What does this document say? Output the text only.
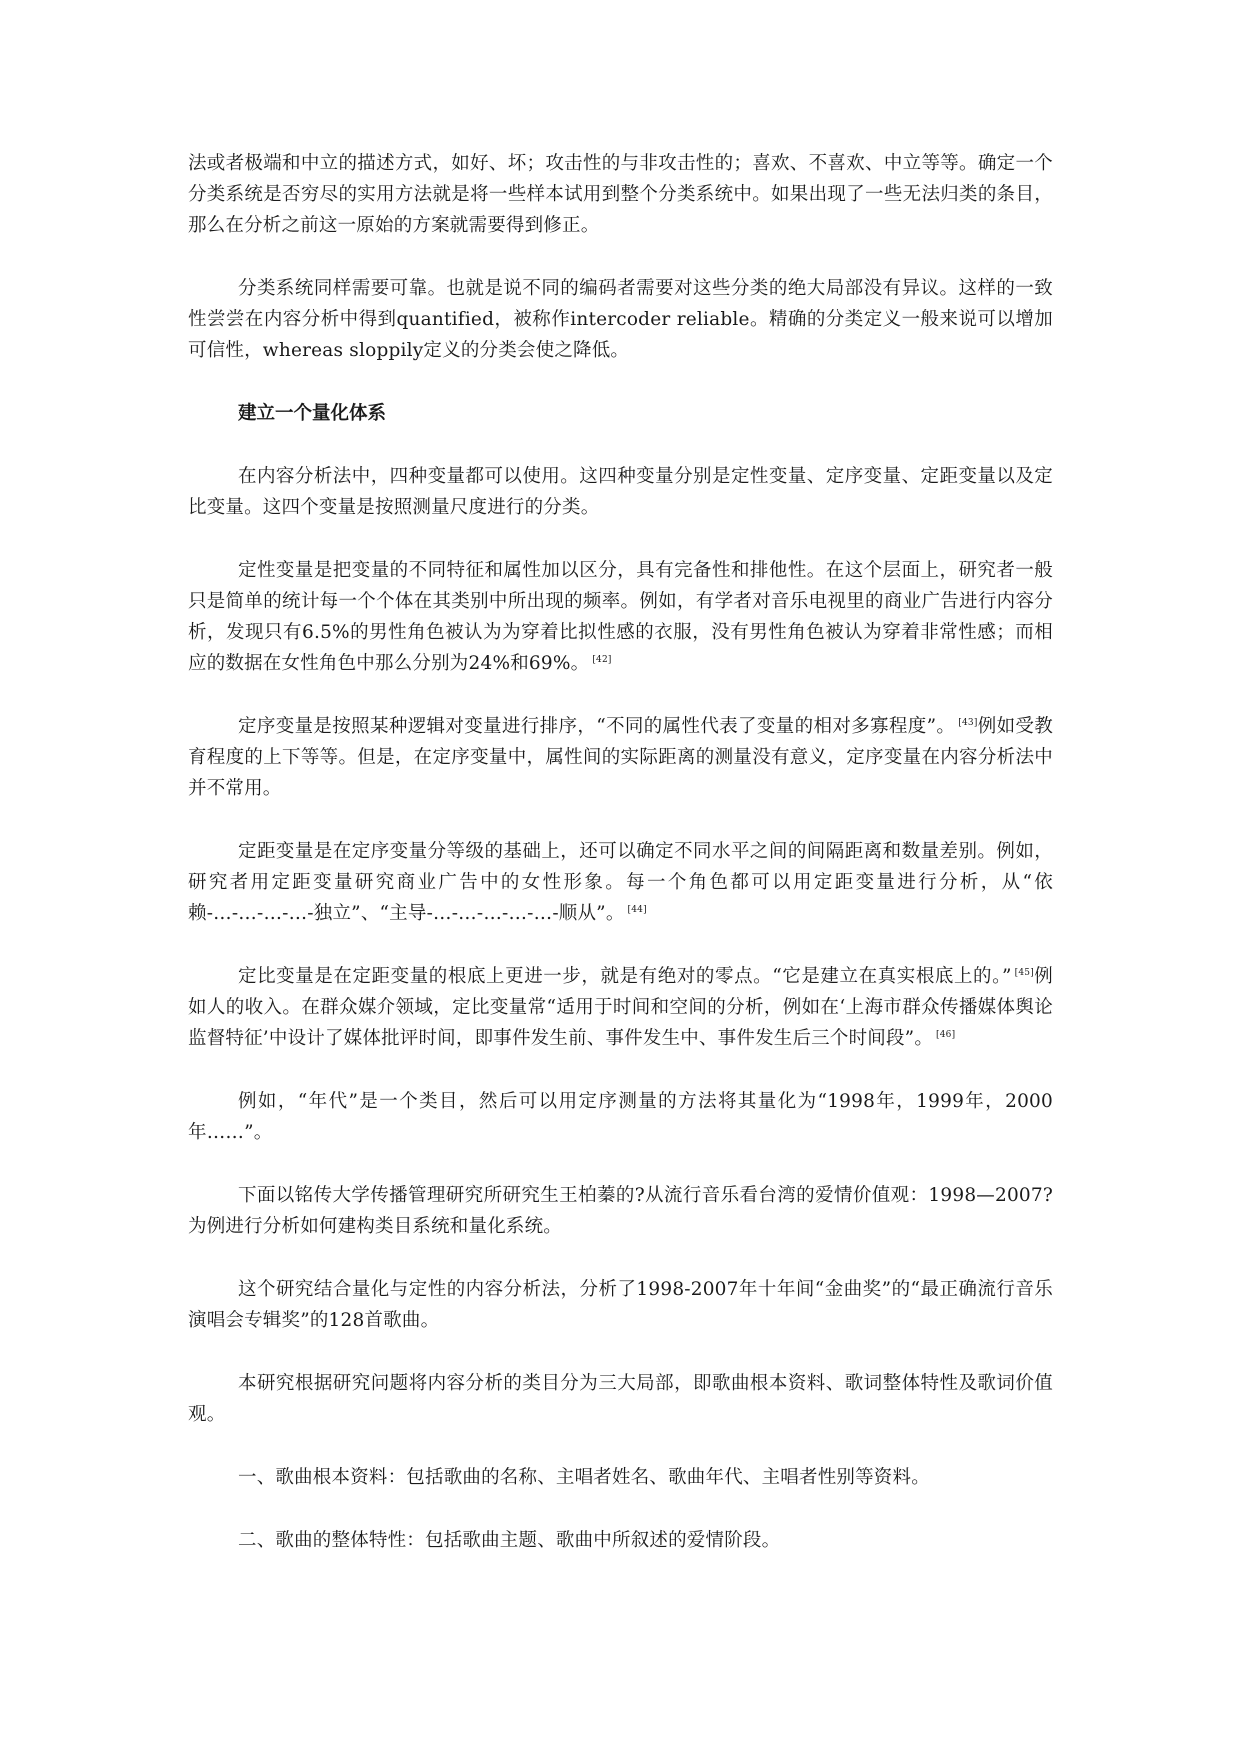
法或者极端和中立的描述方式，如好、坏；攻击性的与非攻击性的；喜欢、不喜欢、中立等等。确定一个分类系统是否穷尽的实用方法就是将一些样本试用到整个分类系统中。如果出现了一些无法归类的条目，那么在分析之前这一原始的方案就需要得到修正。

分类系统同样需要可靠。也就是说不同的编码者需要对这些分类的绝大局部没有异议。这样的一致性尝尝在内容分析中得到quantified，被称作intercoder reliable。精确的分类定义一般来说可以增加可信性，whereas sloppily定义的分类会使之降低。

建立一个量化体系

在内容分析法中，四种变量都可以使用。这四种变量分别是定性变量、定序变量、定距变量以及定比变量。这四个变量是按照测量尺度进行的分类。

定性变量是把变量的不同特征和属性加以区分，具有完备性和排他性。在这个层面上，研究者一般只是简单的统计每一个个体在其类别中所出现的频率。例如，有学者对音乐电视里的商业广告进行内容分析，发现只有6.5%的男性角色被认为为穿着比拟性感的衣服，没有男性角色被认为穿着非常性感；而相应的数据在女性角色中那么分别为24%和69%。 [42]

定序变量是按照某种逻辑对变量进行排序，“不同的属性代表了变量的相对多寡程度”。 [43]例如受教育程度的上下等等。但是，在定序变量中，属性间的实际距离的测量没有意义，定序变量在内容分析法中并不常用。

定距变量是在定序变量分等级的基础上，还可以确定不同水平之间的间隔距离和数量差别。例如，研究者用定距变量研究商业广告中的女性形象。每一个角色都可以用定距变量进行分析，从“依赖-…-…-…-…-独立”、“主导-…-…-…-…-…-顺从”。 [44]

定比变量是在定距变量的根底上更进一步，就是有绝对的零点。“它是建立在真实根底上的。” [45]例如人的收入。在群众媒介领域，定比变量常“适用于时间和空间的分析，例如在‘上海市群众传播媒体舆论监督特征’中设计了媒体批评时间，即事件发生前、事件发生中、事件发生后三个时间段”。 [46]

例如，“年代”是一个类目，然后可以用定序测量的方法将其量化为“1998年，1999年，2000年……”。

下面以铭传大学传播管理研究所研究生王柏蓁的?从流行音乐看台湾的爱情价值观：1998—2007?为例进行分析如何建构类目系统和量化系统。

这个研究结合量化与定性的内容分析法，分析了1998-2007年十年间“金曲奖”的“最正确流行音乐演唱会专辑奖”的128首歌曲。

本研究根据研究问题将内容分析的类目分为三大局部，即歌曲根本资料、歌词整体特性及歌词价值观。

一、歌曲根本资料：包括歌曲的名称、主唱者姓名、歌曲年代、主唱者性别等资料。

二、歌曲的整体特性：包括歌曲主题、歌曲中所叙述的爱情阶段。
